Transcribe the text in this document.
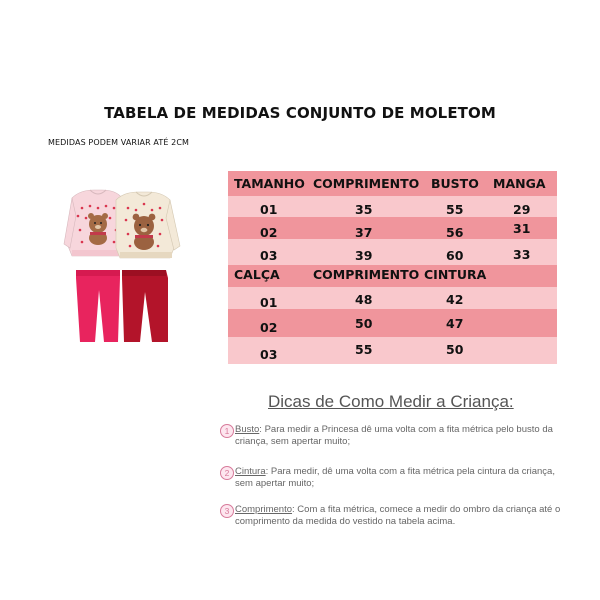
TABELA DE MEDIDAS CONJUNTO DE MOLETOM
MEDIDAS PODEM VARIAR ATÉ 2CM
TAMANHO COMPRIMENTO BUSTO MANGA
01	35	55	29
02	37	56	31
03	39	60	33
CALÇA	COMPRIMENTO CINTURA
01	48	42
02	50	47
03	55	50
Dicas de Como Medir a Criança:
1 Busto: Para medir a Princesa dê uma volta com a fita métrica pelo busto da criança, sem apertar muito;
2 Cintura: Para medir, dê uma volta com a fita métrica pela cintura da criança, sem apertar muito;
3 Comprimento: Com a fita métrica, comece a medir do ombro da criança até o comprimento da medida do vestido na tabela acima.
